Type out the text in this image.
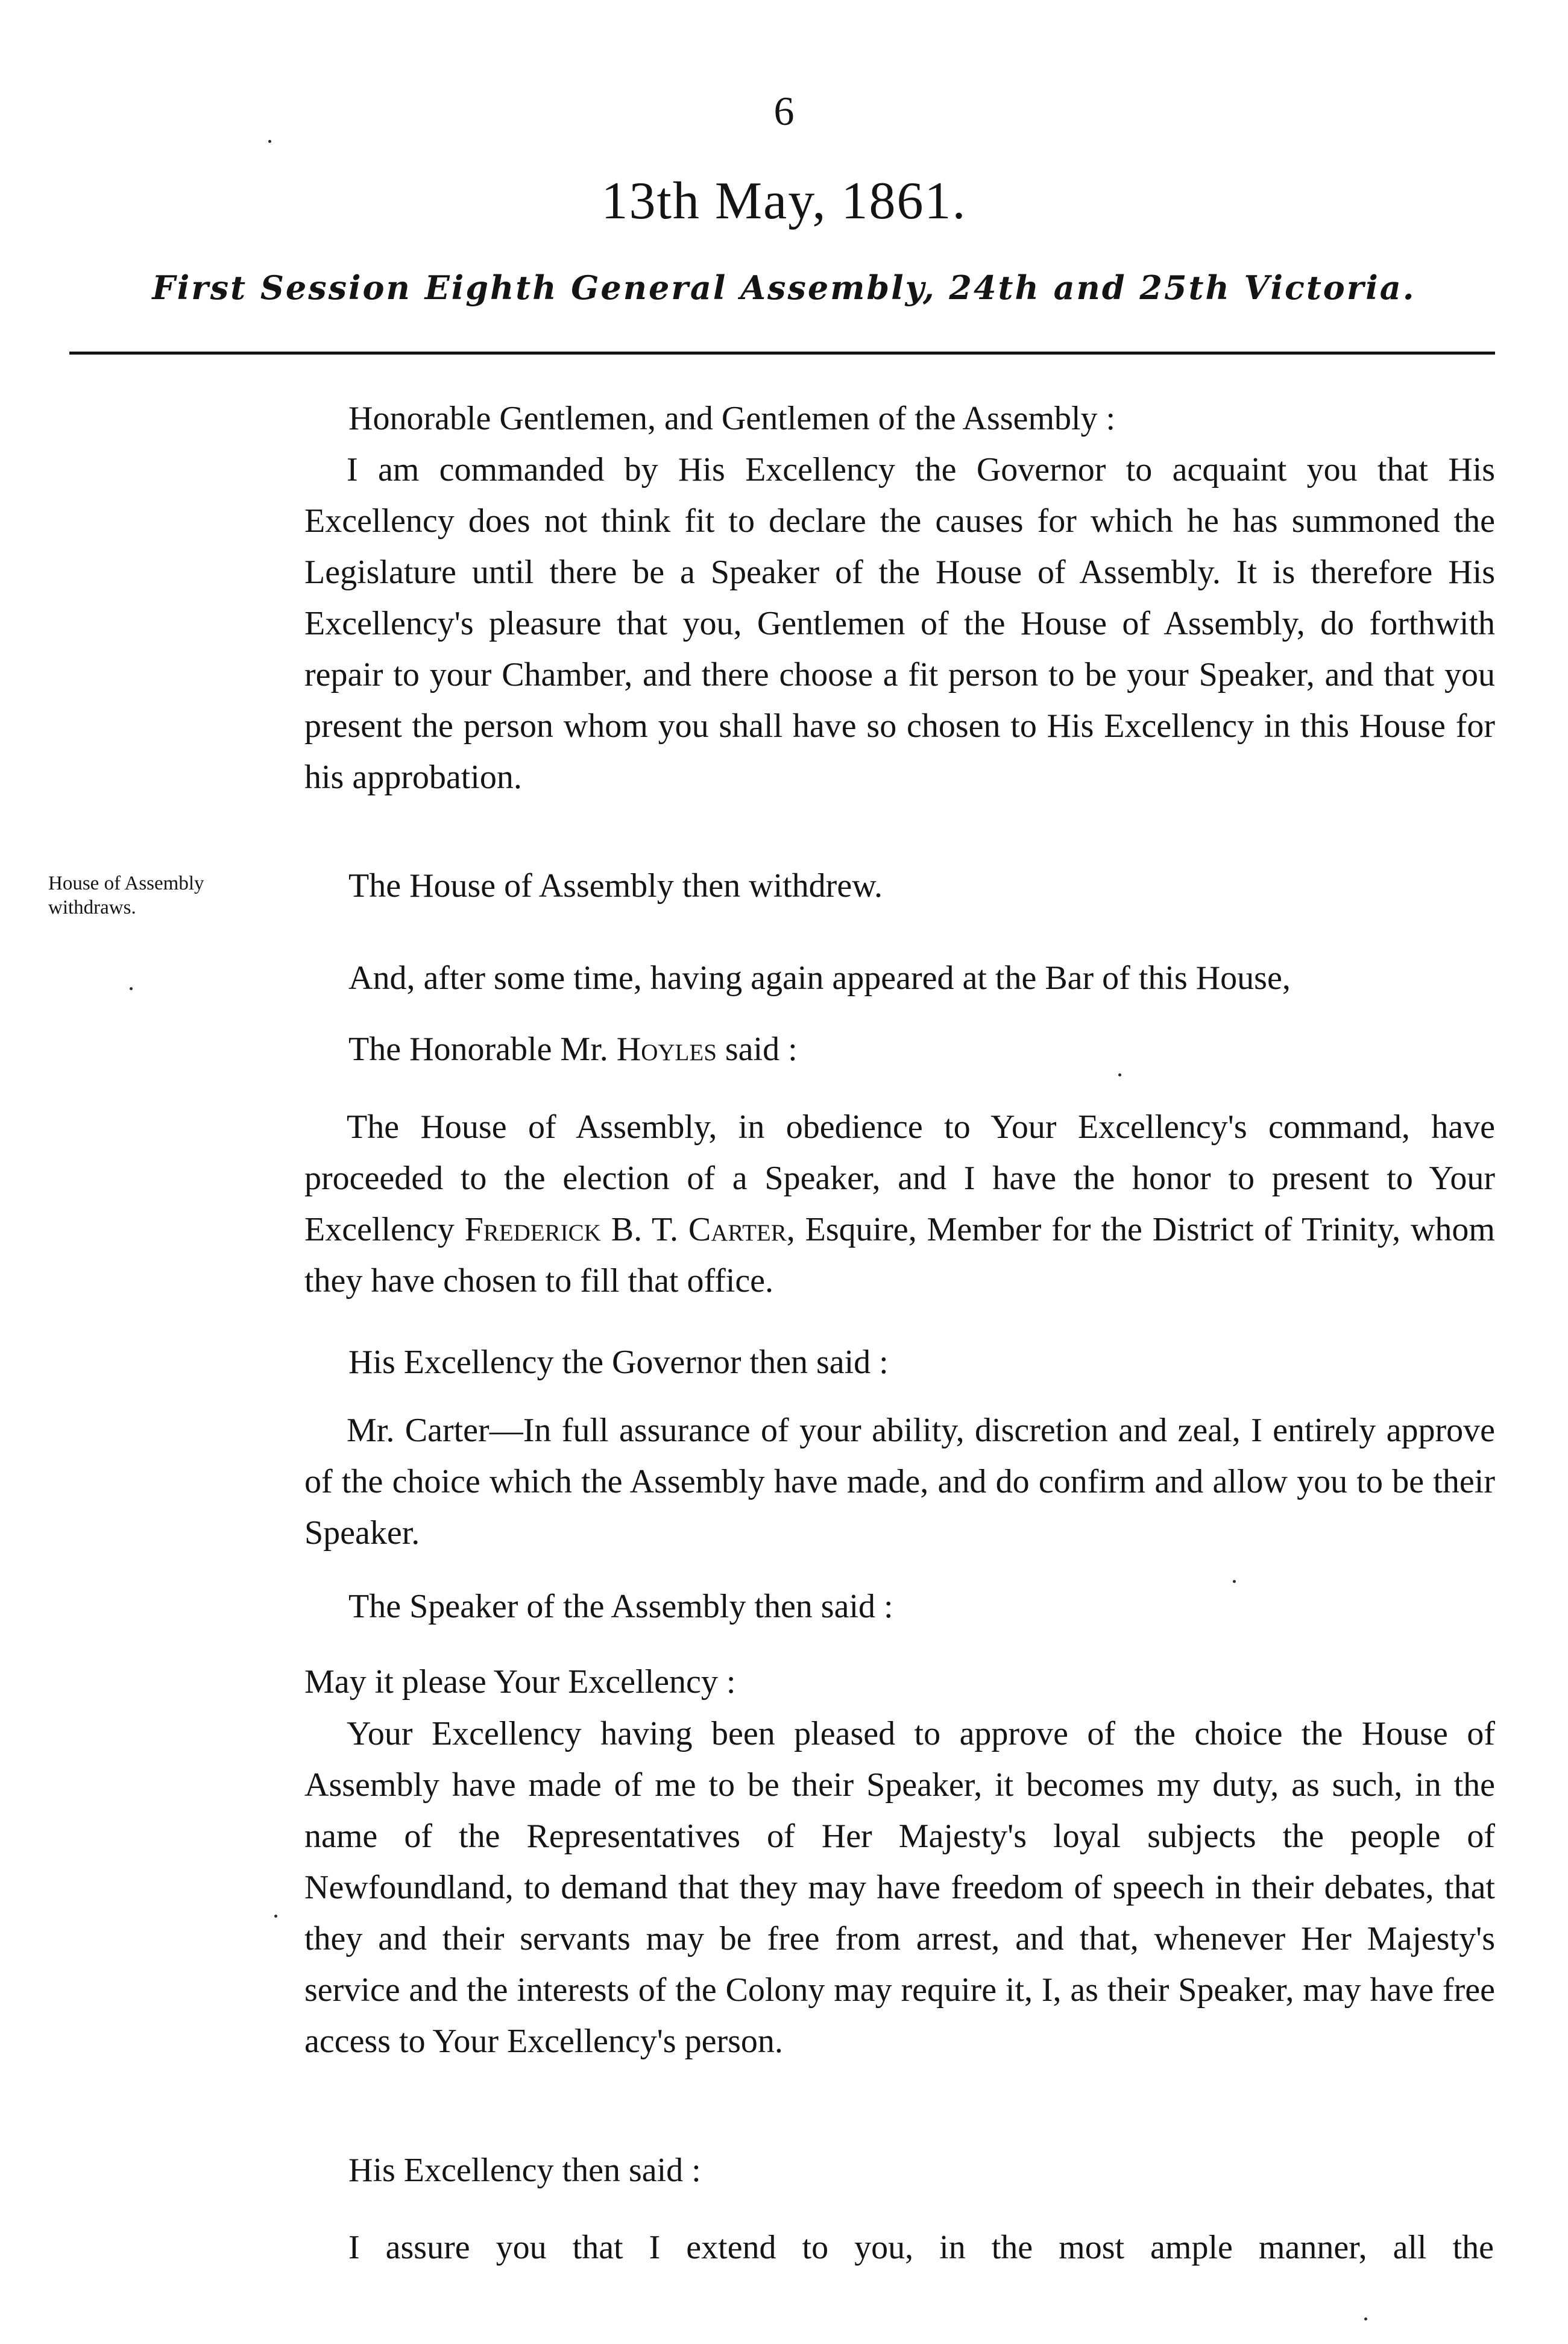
6
13th May, 1861.
First Session Eighth General Assembly, 24th and 25th Victoria.
House of Assembly
withdraws.

Honorable Gentlemen, and Gentlemen of the Assembly :

I am commanded by His Excellency the Governor to acquaint you that His Excellency does not think fit to declare the causes for which he has summoned the Legislature until there be a Speaker of the House of Assembly. It is therefore His Excellency's pleasure that you, Gentlemen of the House of Assembly, do forthwith repair to your Chamber, and there choose a fit person to be your Speaker, and that you present the person whom you shall have so chosen to His Excellency in this House for his approbation.

The House of Assembly then withdrew.

And, after some time, having again appeared at the Bar of this House,

The Honorable Mr. Hoyles said :

The House of Assembly, in obedience to Your Excellency's command, have proceeded to the election of a Speaker, and I have the honor to present to Your Excellency Frederick B. T. Carter, Esquire, Member for the District of Trinity, whom they have chosen to fill that office.

His Excellency the Governor then said :

Mr. Carter—In full assurance of your ability, discretion and zeal, I entirely approve of the choice which the Assembly have made, and do confirm and allow you to be their Speaker.

The Speaker of the Assembly then said :

May it please Your Excellency :

Your Excellency having been pleased to approve of the choice the House of Assembly have made of me to be their Speaker, it becomes my duty, as such, in the name of the Representatives of Her Majesty's loyal subjects the people of Newfoundland, to demand that they may have freedom of speech in their debates, that they and their servants may be free from arrest, and that, whenever Her Majesty's service and the interests of the Colony may require it, I, as their Speaker, may have free access to Your Excellency's person.

His Excellency then said :

I assure you that I extend to you, in the most ample manner, all the
